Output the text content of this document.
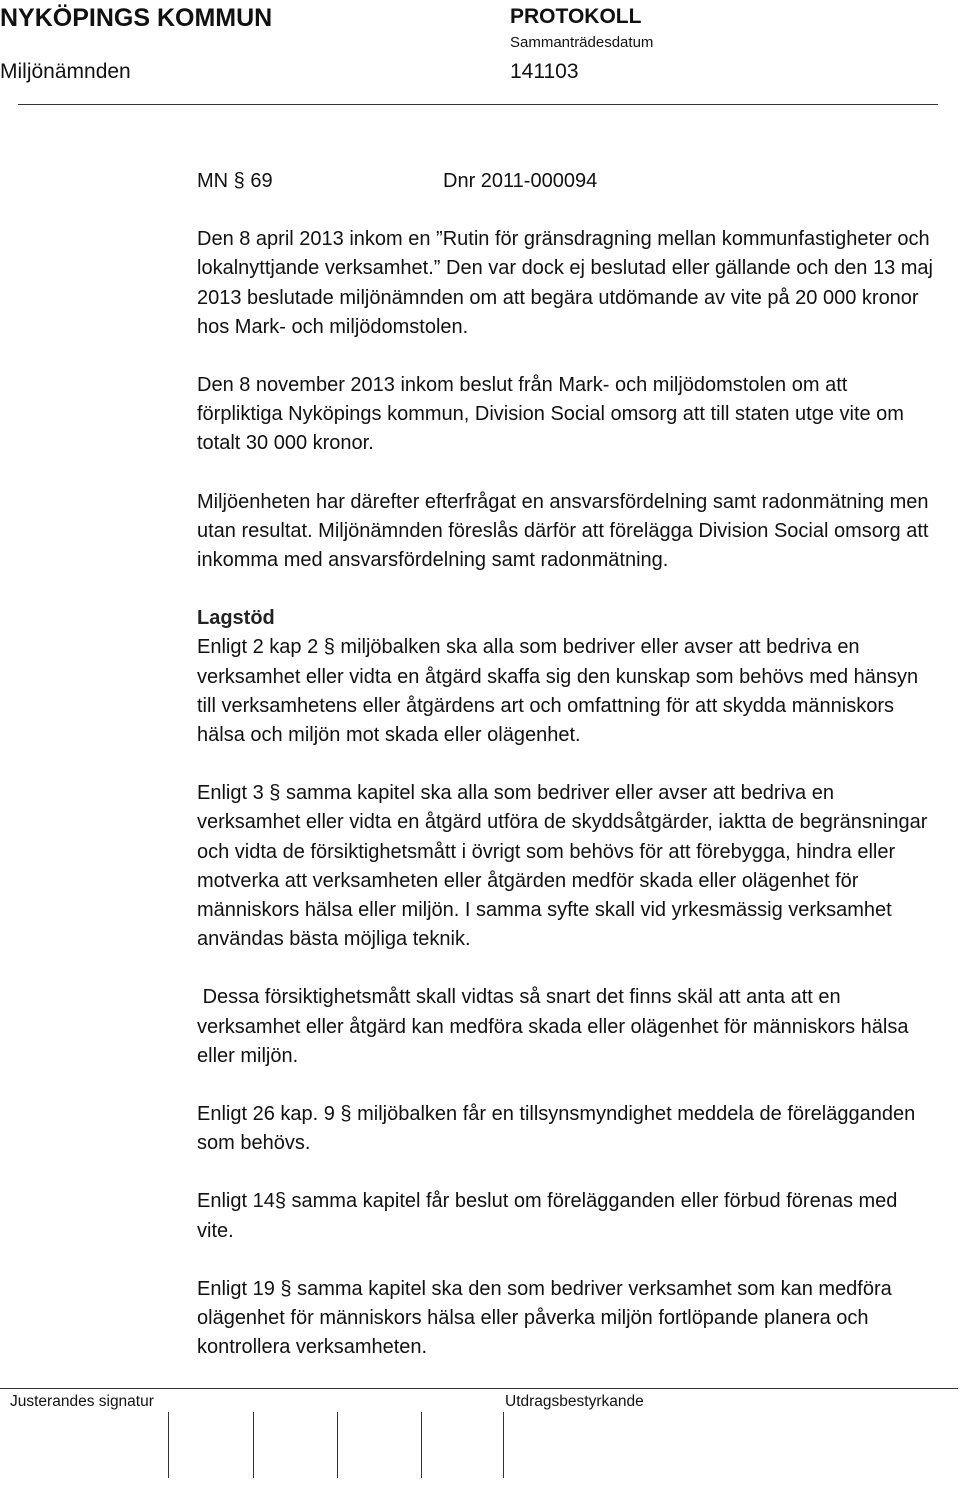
NYKÖPINGS KOMMUN	PROTOKOLL
Sammanträdesdatum
Miljönämnden	141103

MN § 69	Dnr 2011-000094

Den 8 april 2013 inkom en ”Rutin för gränsdragning mellan kommunfastigheter och lokalnyttjande verksamhet.” Den var dock ej beslutad eller gällande och den 13 maj 2013 beslutade miljönämnden om att begära utdömande av vite på 20 000 kronor hos Mark- och miljödomstolen.

Den 8 november 2013 inkom beslut från Mark- och miljödomstolen om att förpliktiga Nyköpings kommun, Division Social omsorg att till staten utge vite om totalt 30 000 kronor.

Miljöenheten har därefter efterfrågat en ansvarsfördelning samt radonmätning men utan resultat. Miljönämnden föreslås därför att förelägga Division Social omsorg att inkomma med ansvarsfördelning samt radonmätning.

Lagstöd

Enligt 2 kap 2 § miljöbalken ska alla som bedriver eller avser att bedriva en verksamhet eller vidta en åtgärd skaffa sig den kunskap som behövs med hänsyn till verksamhetens eller åtgärdens art och omfattning för att skydda människors hälsa och miljön mot skada eller olägenhet.

Enligt 3 § samma kapitel ska alla som bedriver eller avser att bedriva en verksamhet eller vidta en åtgärd utföra de skyddsåtgärder, iaktta de begränsningar och vidta de försiktighetsmått i övrigt som behövs för att förebygga, hindra eller motverka att verksamheten eller åtgärden medför skada eller olägenhet för människors hälsa eller miljön. I samma syfte skall vid yrkesmässig verksamhet användas bästa möjliga teknik.

Dessa försiktighetsmått skall vidtas så snart det finns skäl att anta att en verksamhet eller åtgärd kan medföra skada eller olägenhet för människors hälsa eller miljön.

Enligt 26 kap. 9 § miljöbalken får en tillsynsmyndighet meddela de förelägganden som behövs.

Enligt 14§ samma kapitel får beslut om förelägganden eller förbud förenas med vite.

Enligt 19 § samma kapitel ska den som bedriver verksamhet som kan medföra olägenhet för människors hälsa eller påverka miljön fortlöpande planera och kontrollera verksamheten.

Justerandes signatur	Utdragsbestyrkande
